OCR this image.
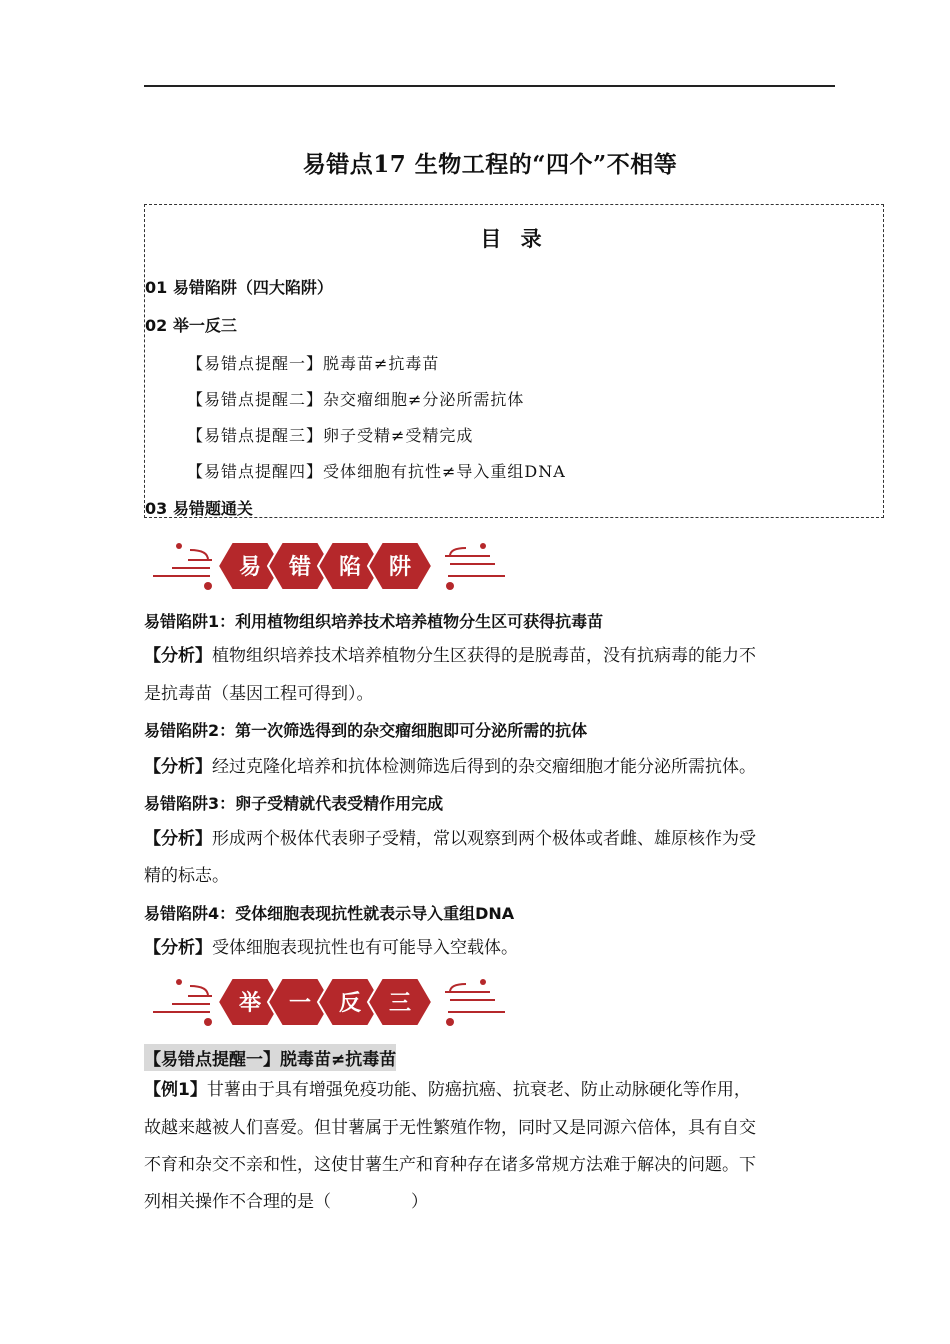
易错点17 生物工程的“四个”不相等
目 录
01 易错陷阱（四大陷阱）
02 举一反三
【易错点提醒一】脱毒苗≠抗毒苗
【易错点提醒二】杂交瘤细胞≠分泌所需抗体
【易错点提醒三】卵子受精≠受精完成
【易错点提醒四】受体细胞有抗性≠导入重组DNA
03 易错题通关
易 错 陷 阱
易错陷阱1：利用植物组织培养技术培养植物分生区可获得抗毒苗
【分析】植物组织培养技术培养植物分生区获得的是脱毒苗，没有抗病毒的能力不
是抗毒苗（基因工程可得到）。
易错陷阱2：第一次筛选得到的杂交瘤细胞即可分泌所需的抗体
【分析】经过克隆化培养和抗体检测筛选后得到的杂交瘤细胞才能分泌所需抗体。
易错陷阱3：卵子受精就代表受精作用完成
【分析】形成两个极体代表卵子受精，常以观察到两个极体或者雌、雄原核作为受
精的标志。
易错陷阱4：受体细胞表现抗性就表示导入重组DNA
【分析】受体细胞表现抗性也有可能导入空载体。
举 一 反 三
【易错点提醒一】脱毒苗≠抗毒苗
【例1】甘薯由于具有增强免疫功能、防癌抗癌、抗衰老、防止动脉硬化等作用，
故越来越被人们喜爱。但甘薯属于无性繁殖作物，同时又是同源六倍体，具有自交
不育和杂交不亲和性，这使甘薯生产和育种存在诸多常规方法难于解决的问题。下
列相关操作不合理的是（	）
